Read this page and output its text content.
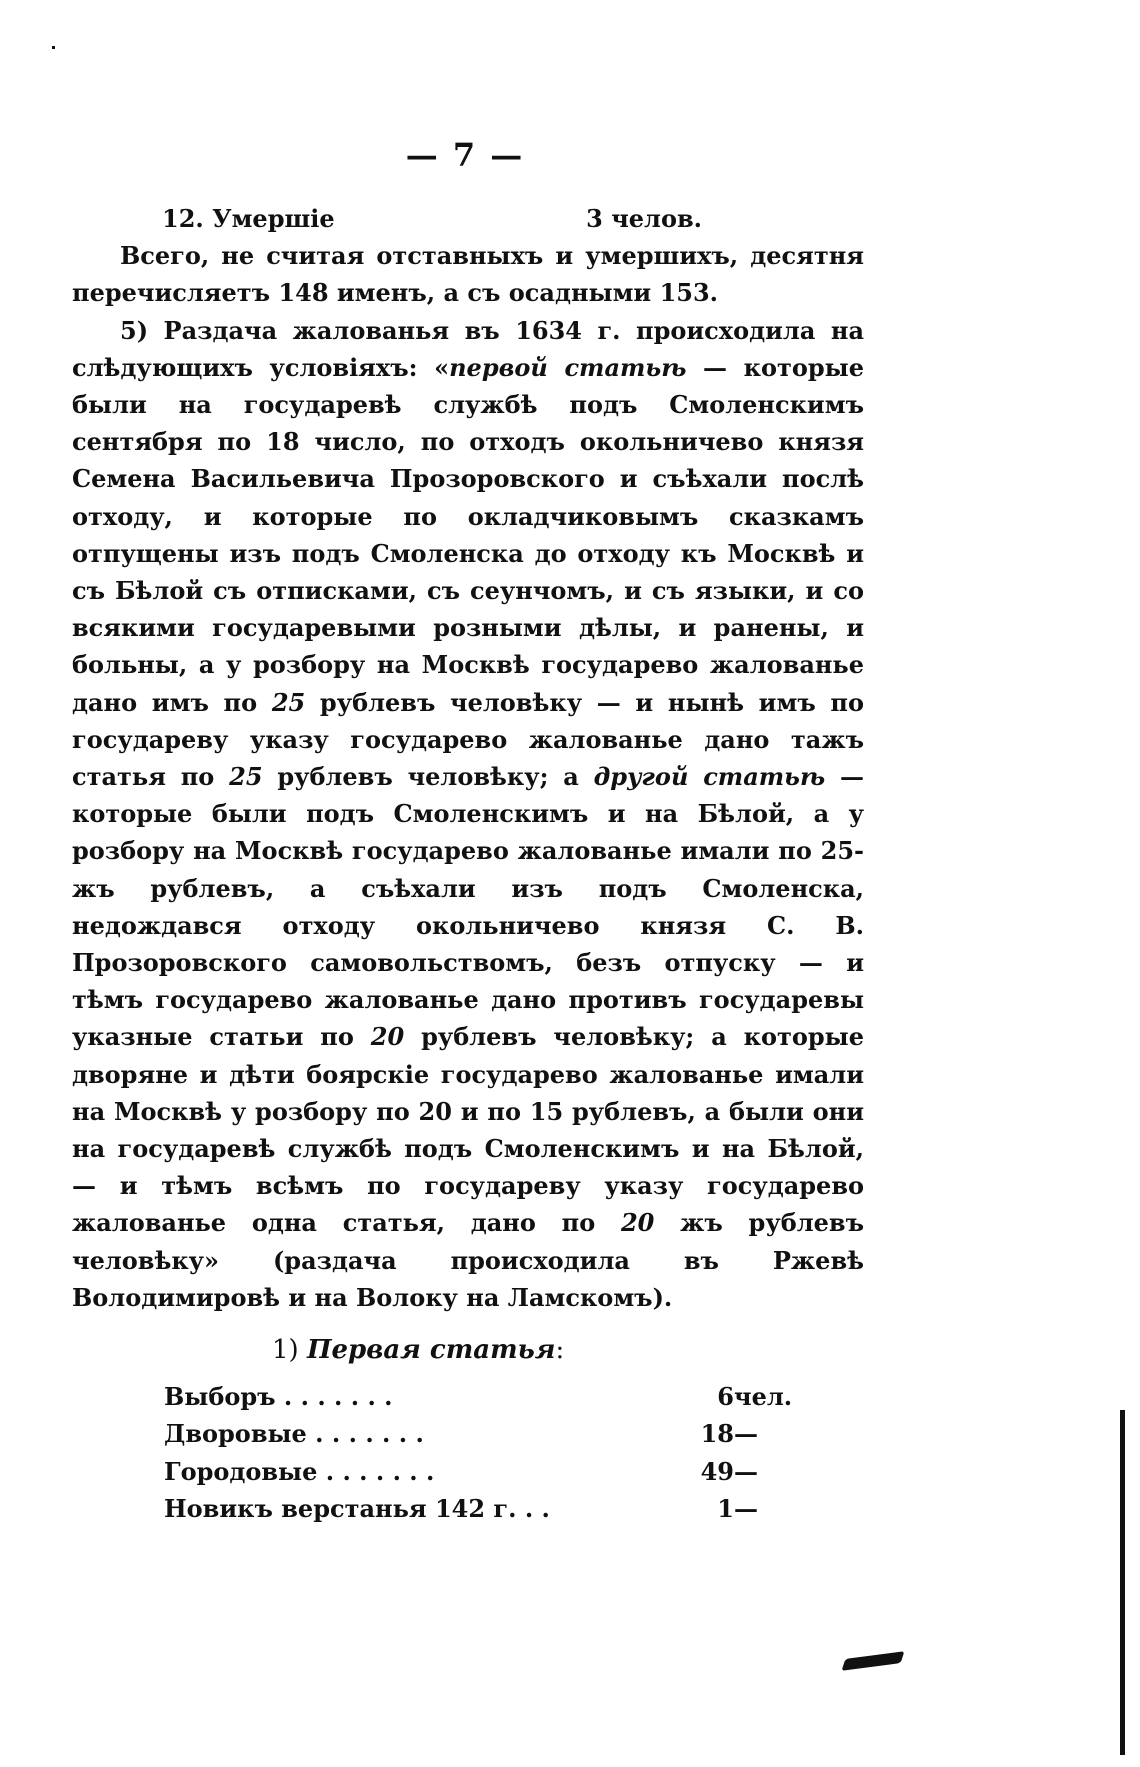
— 7 —
12. Умершіе	3 челов.

Всего, не считая отставныхъ и умершихъ, десятня перечисляетъ 148 именъ, а съ осадными 153.

5) Раздача жалованья въ 1634 г. происходила на слѣдующихъ условіяхъ: «первой статьѣ — которые были на государевѣ службѣ подъ Смоленскимъ сентября по 18 число, по отходъ окольничево князя Семена Васильевича Прозоровского и съѣхали послѣ отходу, и которые по окладчиковымъ сказкамъ отпущены изъ подъ Смоленска до отходу къ Москвѣ и съ Бѣлой съ отписками, съ сеунчомъ, и съ языки, и со всякими государевыми розными дѣлы, и ранены, и больны, а у розбору на Москвѣ государево жалованье дано имъ по 25 рублевъ человѣку — и нынѣ имъ по государеву указу государево жалованье дано тажъ статья по 25 рублевъ человѣку; а другой статьѣ — которые были подъ Смоленскимъ и на Бѣлой, а у розбору на Москвѣ государево жалованье имали по 25-жъ рублевъ, а съѣхали изъ подъ Смоленска, недождався отходу окольничево князя С. В. Прозоровского самовольствомъ, безъ отпуску — и тѣмъ государево жалованье дано противъ государевы указные статьи по 20 рублевъ человѣку; а которые дворяне и дѣти боярскіе государево жалованье имали на Москвѣ у розбору по 20 и по 15 рублевъ, а были они на государевѣ службѣ подъ Смоленскимъ и на Бѣлой, — и тѣмъ всѣмъ по государеву указу государево жалованье одна статья, дано по 20 жъ рублевъ человѣку» (раздача происходила въ Ржевѣ Володимировѣ и на Волоку на Ламскомъ).

1) Первая статья:
Выборъ . . . . . . .	6	чел.
Дворовые . . . . . . .	18	—
Городовые . . . . . . .	49	—
Новикъ верстанья 142 г. . .	1	—
